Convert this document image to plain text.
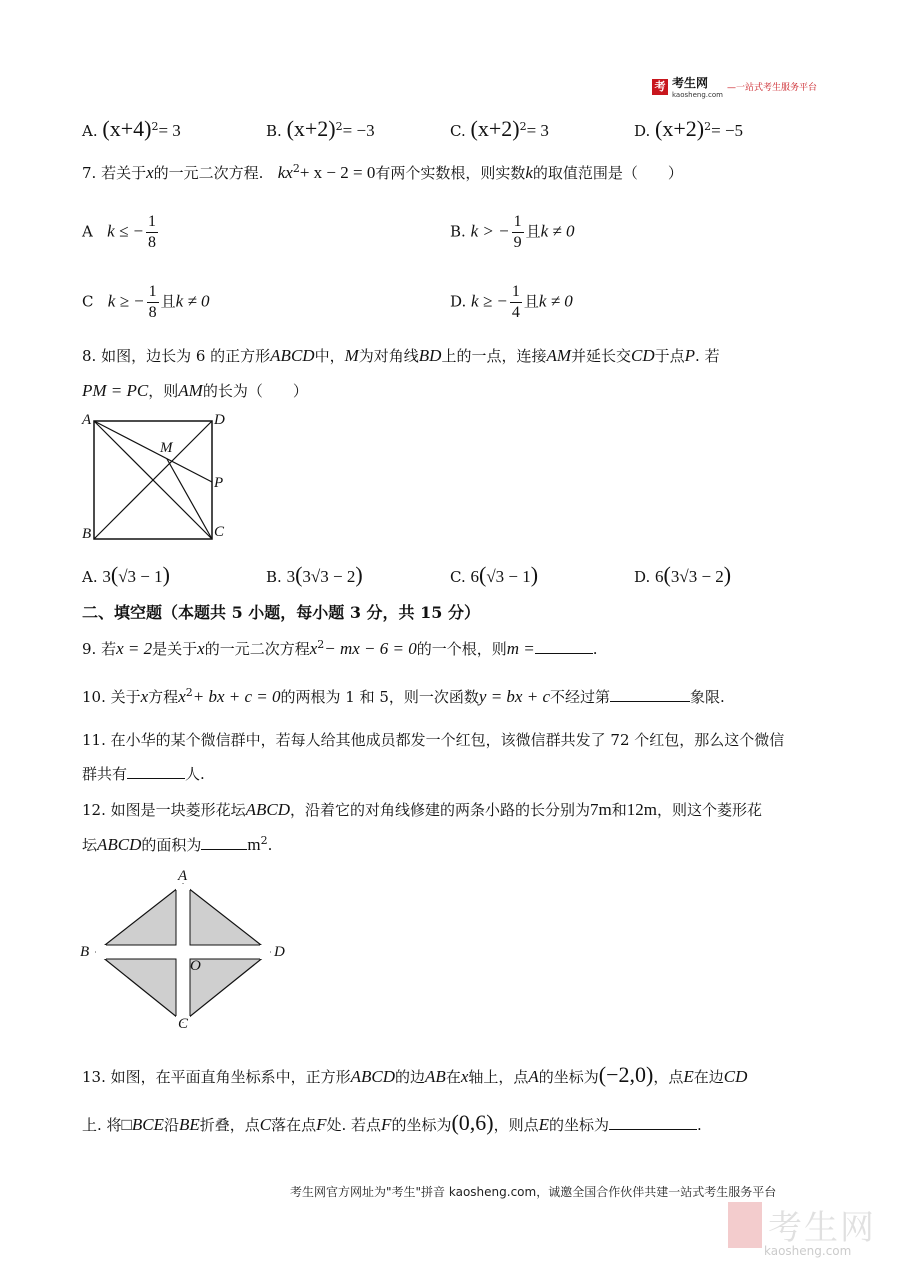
考 考生网
kaosheng.com
—一站式考生服务平台
A. $(x+4)^2= 3$	B. $(x+2)^2= -3$	C. $(x+2)^2= 3$	D. $(x+2)^2= -5$
7. 若关于x的一元二次方程. $kx^2+ x - 2 = 0$有两个实数根，则实数k的取值范围是（　　）
A k ≤ − $\frac{1}{8}$	B. k > − $\frac{1}{9}$ 且k ≠ 0
C k ≥ − $\frac{1}{8}$ 且k ≠ 0	D. k ≥ − $\frac{1}{4}$ 且k ≠ 0
8. 如图，边长为 6 的正方形ABCD中，M为对角线BD上的一点，连接AM并延长交CD于点P. 若
PM = PC，则AM的长为（　　）
A	D
M
P
B	C
A. 3(√3 − 1)	B. 3(3√3 − 2)	C. 6(√3 − 1)	D. 6(3√3 − 2)
二、填空题（本题共 5 小题，每小题 3 分，共 15 分）
9. 若x = 2是关于x的一元二次方程$x^2-$ mx − 6 = 0的一个根，则m =	.
10. 关于x方程$x^2+$ bx + c = 0的两根为 1 和 5，则一次函数y = bx + c不经过第	象限.
11. 在小华的某个微信群中，若每人给其他成员都发一个红包，该微信群共发了 72 个红包，那么这个微信
群共有	人.
12. 如图是一块菱形花坛ABCD，沿着它的对角线修建的两条小路的长分别为7m和12m，则这个菱形花
坛ABCD的面积为	$m^2$.
A
B	D
O
C
13. 如图，在平面直角坐标系中，正方形ABCD的边AB在x轴上，点A的坐标为(−2,0)，点E在边CD
上. 将□BCE沿BE折叠，点C落在点F处. 若点F的坐标为(0,6)，则点E的坐标为	.
考生网官方网址为"考生"拼音 kaosheng.com，诚邀全国合作伙伴共建一站式考生服务平台
考生网
kaosheng.com
